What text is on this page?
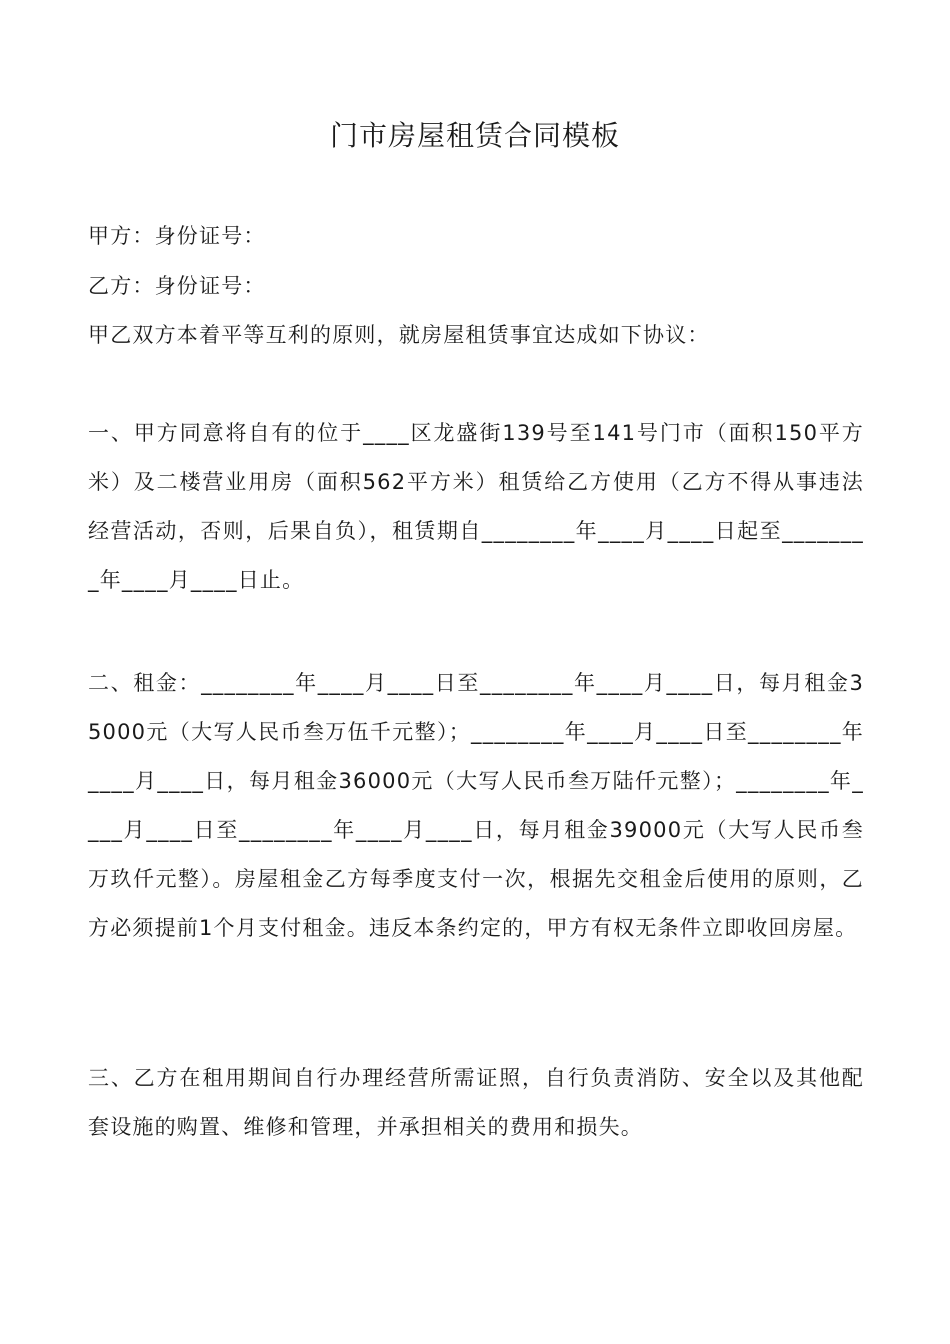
门市房屋租赁合同模板

甲方：身份证号：

乙方：身份证号：

甲乙双方本着平等互利的原则，就房屋租赁事宜达成如下协议：

一、甲方同意将自有的位于____区龙盛街139号至141号门市（面积150平方米）及二楼营业用房（面积562平方米）租赁给乙方使用（乙方不得从事违法经营活动，否则，后果自负），租赁期自________年____月____日起至________年____月____日止。

二、租金：________年____月____日至________年____月____日，每月租金35000元（大写人民币叁万伍千元整）；________年____月____日至________年____月____日，每月租金36000元（大写人民币叁万陆仟元整）；________年____月____日至________年____月____日，每月租金39000元（大写人民币叁万玖仟元整）。房屋租金乙方每季度支付一次，根据先交租金后使用的原则，乙方必须提前1个月支付租金。违反本条约定的，甲方有权无条件立即收回房屋。

三、乙方在租用期间自行办理经营所需证照，自行负责消防、安全以及其他配套设施的购置、维修和管理，并承担相关的费用和损失。
